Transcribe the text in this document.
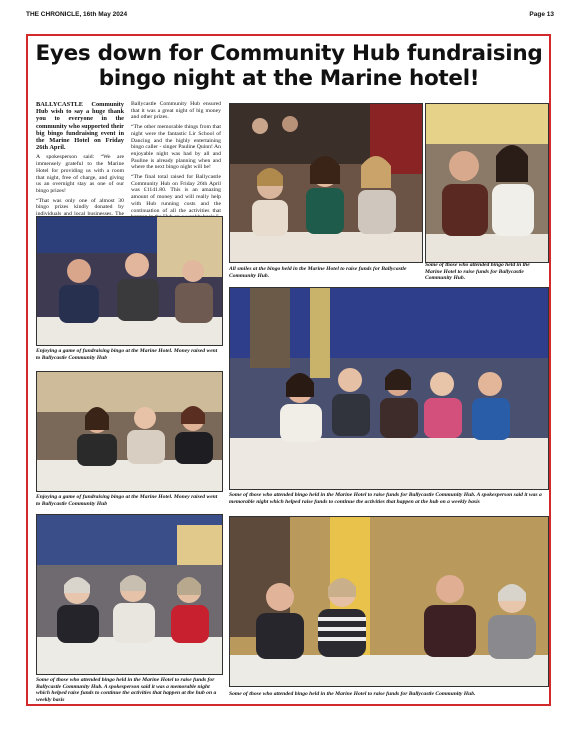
THE CHRONICLE, 16th May 2024	Page 13
Eyes down for Community Hub fundraising bingo night at the Marine hotel!

BALLYCASTLE Community Hub wish to say a huge thank you to everyone in the community who supported their big bingo fundraising event in the Marine Hotel on Friday 26th April.

A spokesperson said: “We are immensely grateful to the Marine Hotel for providing us with a room that night, free of charge, and giving us an overnight stay as one of our bingo prizes!

“That was only one of almost 30 bingo prizes kindly donated by individuals and local businesses. The

Ballycastle Community Hub ensured that it was a great night of big money and other prizes.

“The other memorable things from that night were the fantastic Lir School of Dancing and the highly entertaining bingo caller - singer Pauline Quinn! An enjoyable night was had by all and Pauline is already planning when and where the next bingo night will be!

“The final total raised for Ballycastle Community Hub on Friday 26th April was £1141.80. This is an amazing amount of money and will really help with Hub running costs and the continuation of all the activities that

All smiles at the bingo held in the Marine Hotel to raise funds for Ballycastle Community Hub.
Some of those who attended bingo held in the Marine Hotel to raise funds for Ballycastle Community Hub.
Enjoying a game of fundraising bingo at the Marine Hotel. Money raised went to Ballycastle Community Hub
Enjoying a game of fundraising bingo at the Marine Hotel. Money raised went to Ballycastle Community Hub
Some of those who attended bingo held in the Marine Hotel to raise funds for Ballycastle Community Hub. A spokesperson said it was a memorable night which helped raise funds to continue the activities that happen at the hub on a weekly basis
Some of those who attended bingo held in the Marine Hotel to raise funds for Ballycastle Community Hub. A spokesperson said it was a memorable night which helped raise funds to continue the activities that happen at the hub on a weekly basis
Some of those who attended bingo held in the Marine Hotel to raise funds for Ballycastle Community Hub.
